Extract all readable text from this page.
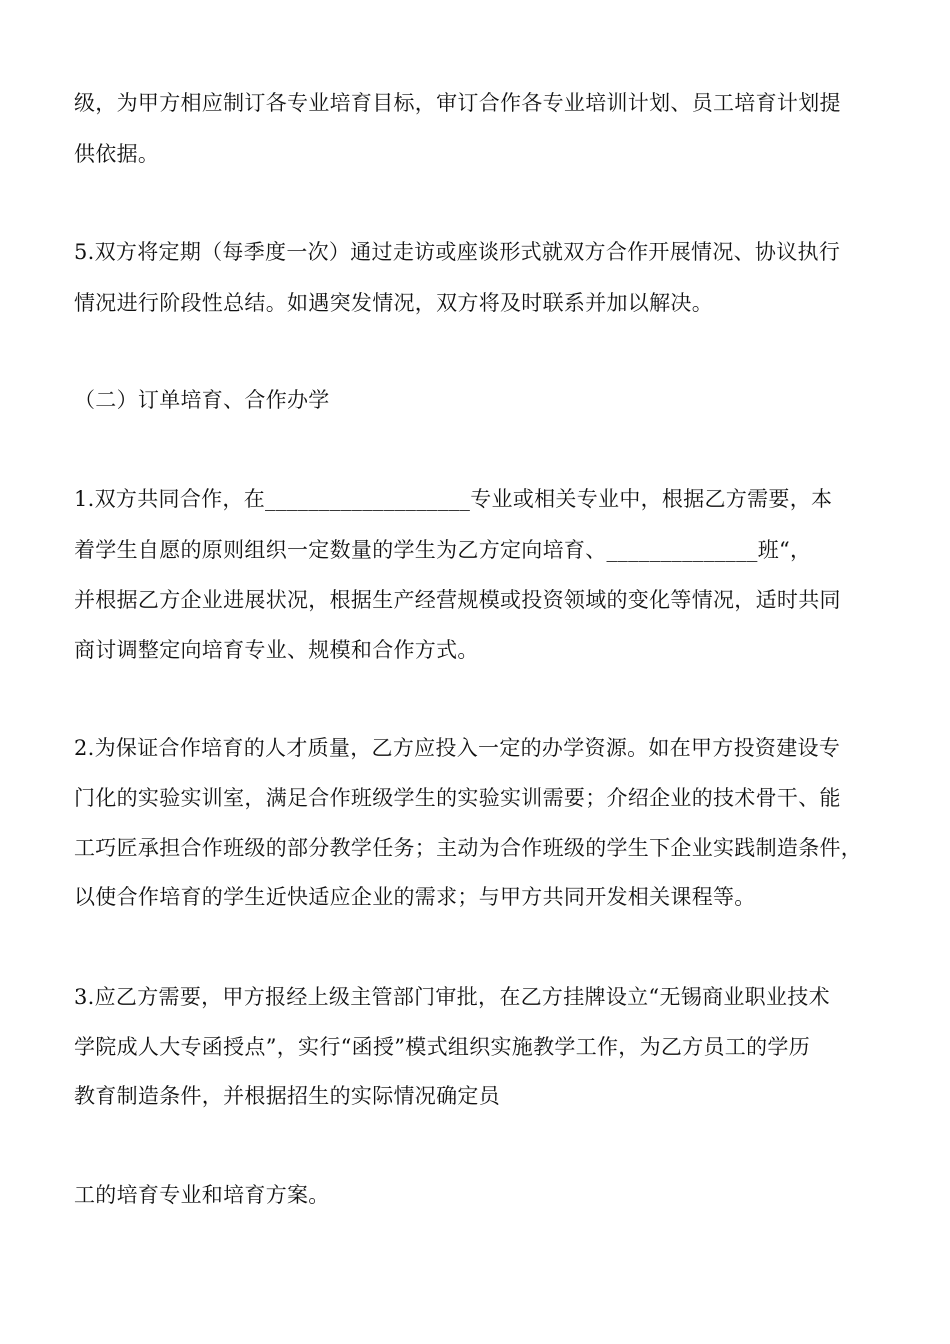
级，为甲方相应制订各专业培育目标，审订合作各专业培训计划、员工培育计划提

供依据。

5.双方将定期（每季度一次）通过走访或座谈形式就双方合作开展情况、协议执行

情况进行阶段性总结。如遇突发情况，双方将及时联系并加以解决。

（二）订单培育、合作办学

1.双方共同合作，在___________________专业或相关专业中，根据乙方需要，本

着学生自愿的原则组织一定数量的学生为乙方定向培育、______________班“，

并根据乙方企业进展状况，根据生产经营规模或投资领域的变化等情况，适时共同

商讨调整定向培育专业、规模和合作方式。

2.为保证合作培育的人才质量，乙方应投入一定的办学资源。如在甲方投资建设专

门化的实验实训室，满足合作班级学生的实验实训需要；介绍企业的技术骨干、能

工巧匠承担合作班级的部分教学任务；主动为合作班级的学生下企业实践制造条件，

以使合作培育的学生近快适应企业的需求；与甲方共同开发相关课程等。

3.应乙方需要，甲方报经上级主管部门审批，在乙方挂牌设立“无锡商业职业技术

学院成人大专函授点”，实行“函授”模式组织实施教学工作，为乙方员工的学历

教育制造条件，并根据招生的实际情况确定员

工的培育专业和培育方案。
